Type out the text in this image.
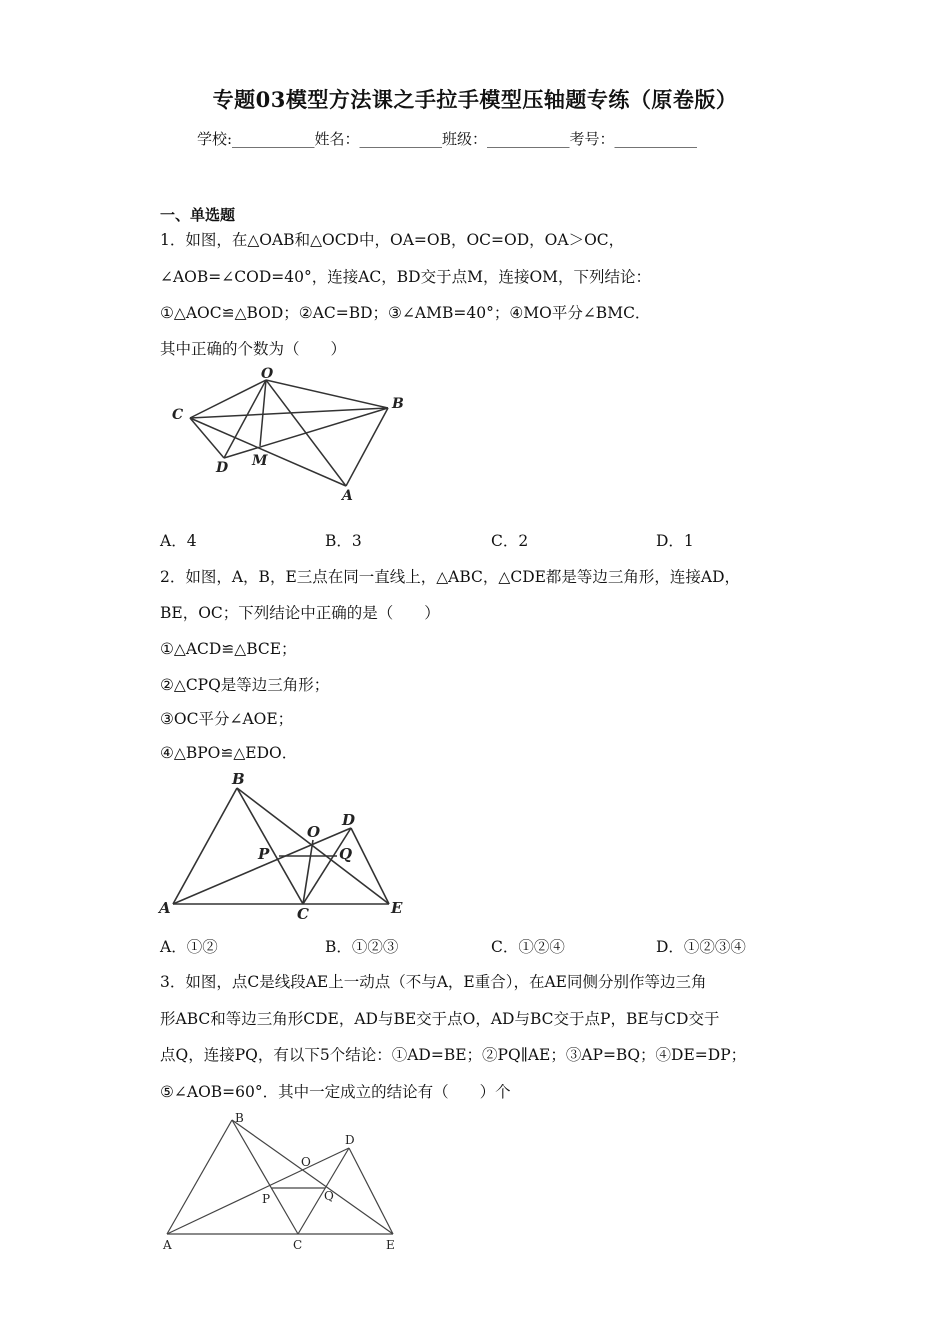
专题03模型方法课之手拉手模型压轴题专练（原卷版）
学校:___________姓名：___________班级：___________考号：___________
一、单选题
1．如图，在△OAB和△OCD中，OA=OB，OC=OD，OA＞OC，
∠AOB=∠COD=40°，连接AC，BD交于点M，连接OM，下列结论：
①△AOC≌△BOD；②AC=BD；③∠AMB=40°；④MO平分∠BMC．
其中正确的个数为（　　）
O
C
B
D M
A
A．4	B．3	C．2	D．1
2．如图，A，B，E三点在同一直线上，△ABC，△CDE都是等边三角形，连接AD，
BE，OC；下列结论中正确的是（　　）
①△ACD≌△BCE；
②△CPQ是等边三角形；
③OC平分∠AOE；
④△BPO≌△EDO．
B
O
D
P	Q
A	C	E
A．①②	B．①②③	C．①②④	D．①②③④
3．如图，点C是线段AE上一动点（不与A，E重合），在AE同侧分别作等边三角
形ABC和等边三角形CDE，AD与BE交于点O，AD与BC交于点P，BE与CD交于
点Q，连接PQ，有以下5个结论：①AD=BE；②PQ∥AE；③AP=BQ；④DE=DP；
⑤∠AOB=60°．其中一定成立的结论有（　　）个
B
D
O
P	Q
A	C	E
